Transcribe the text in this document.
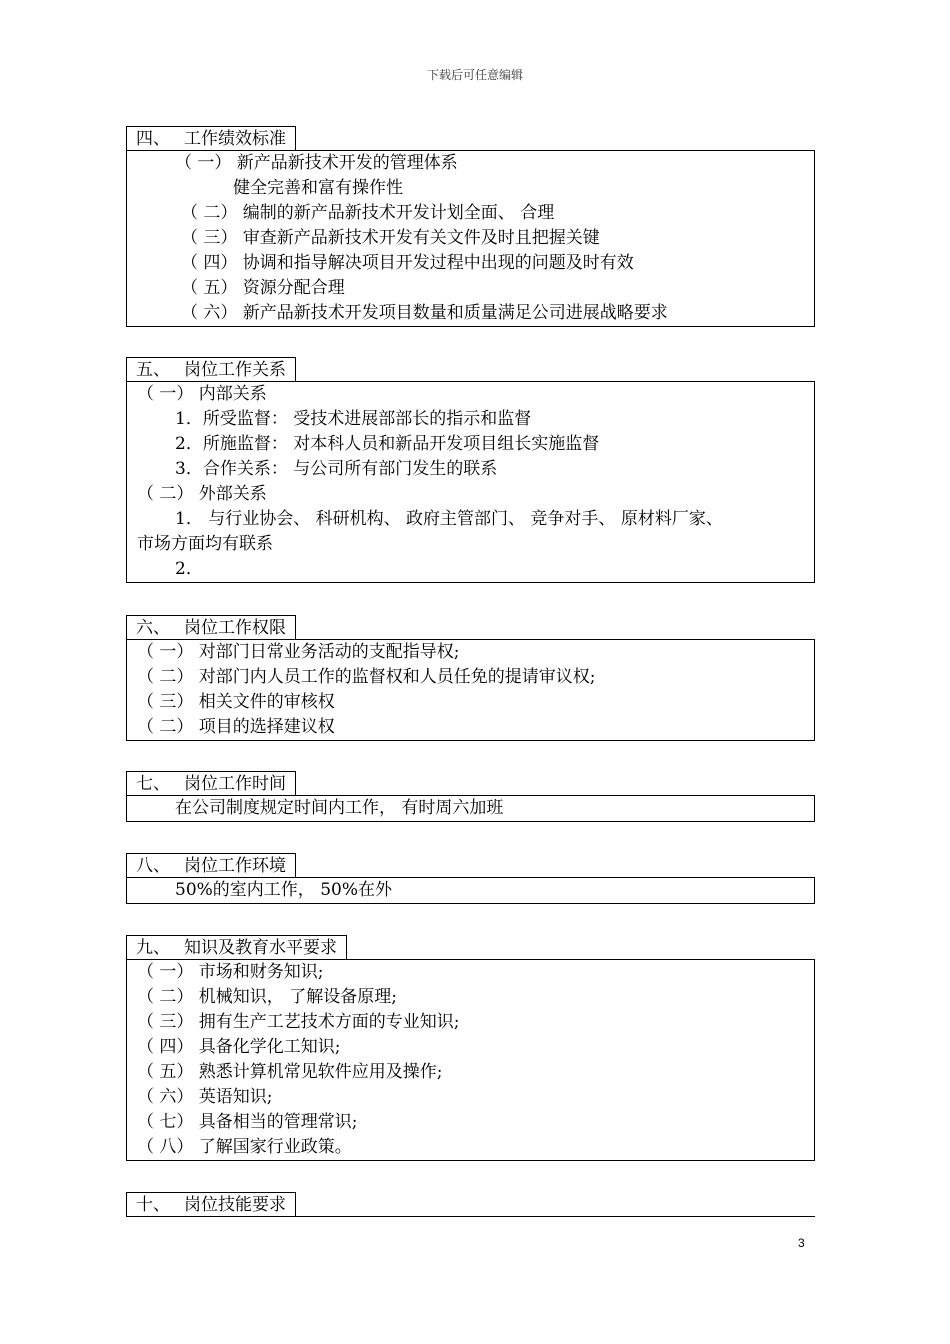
下载后可任意编辑
四、 工作绩效标准
（ 一） 新产品新技术开发的管理体系
健全完善和富有操作性
（ 二） 编制的新产品新技术开发计划全面、 合理
（ 三） 审查新产品新技术开发有关文件及时且把握关键
（ 四） 协调和指导解决项目开发过程中出现的问题及时有效
（ 五） 资源分配合理
（ 六） 新产品新技术开发项目数量和质量满足公司进展战略要求
五、 岗位工作关系
（ 一） 内部关系
1．所受监督： 受技术进展部部长的指示和监督
2．所施监督： 对本科人员和新品开发项目组长实施监督
3．合作关系： 与公司所有部门发生的联系
（ 二） 外部关系
1． 与行业协会、 科研机构、 政府主管部门、 竞争对手、 原材料厂家、
市场方面均有联系
2．
六、 岗位工作权限
（ 一） 对部门日常业务活动的支配指导权;
（ 二） 对部门内人员工作的监督权和人员任免的提请审议权;
（ 三） 相关文件的审核权
（ 二） 项目的选择建议权
七、 岗位工作时间
在公司制度规定时间内工作， 有时周六加班
八、 岗位工作环境
50%的室内工作， 50%在外
九、 知识及教育水平要求
（ 一） 市场和财务知识;
（ 二） 机械知识， 了解设备原理;
（ 三） 拥有生产工艺技术方面的专业知识;
（ 四） 具备化学化工知识;
（ 五） 熟悉计算机常见软件应用及操作;
（ 六） 英语知识;
（ 七） 具备相当的管理常识;
（ 八） 了解国家行业政策。
十、 岗位技能要求
3
